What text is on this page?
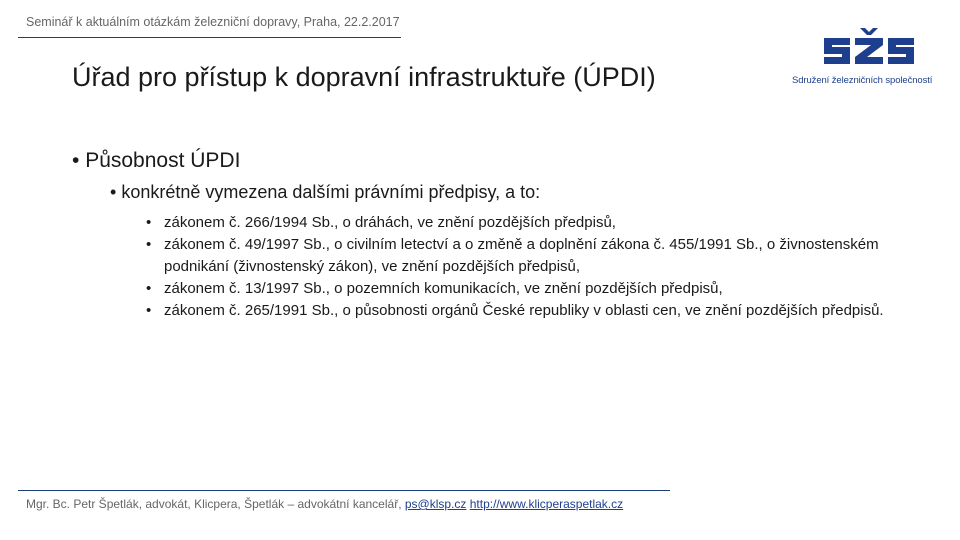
Seminář k aktuálním otázkám železniční dopravy, Praha, 22.2.2017
Sdružení železničních společností
Úřad pro přístup k dopravní infrastruktuře (ÚPDI)
• Působnost ÚPDI
• konkrétně vymezena dalšími právními předpisy, a to:
• zákonem č. 266/1994 Sb., o dráhách, ve znění pozdějších předpisů,
• zákonem č. 49/1997 Sb., o civilním letectví a o změně a doplnění zákona č. 455/1991 Sb., o živnostenském podnikání (živnostenský zákon), ve znění pozdějších předpisů,
• zákonem č. 13/1997 Sb., o pozemních komunikacích, ve znění pozdějších předpisů,
• zákonem č. 265/1991 Sb., o působnosti orgánů České republiky v oblasti cen, ve znění pozdějších předpisů.
Mgr. Bc. Petr Špetlák, advokát, Klicpera, Špetlák – advokátní kancelář, ps@klsp.cz http://www.klicperaspetlak.cz
